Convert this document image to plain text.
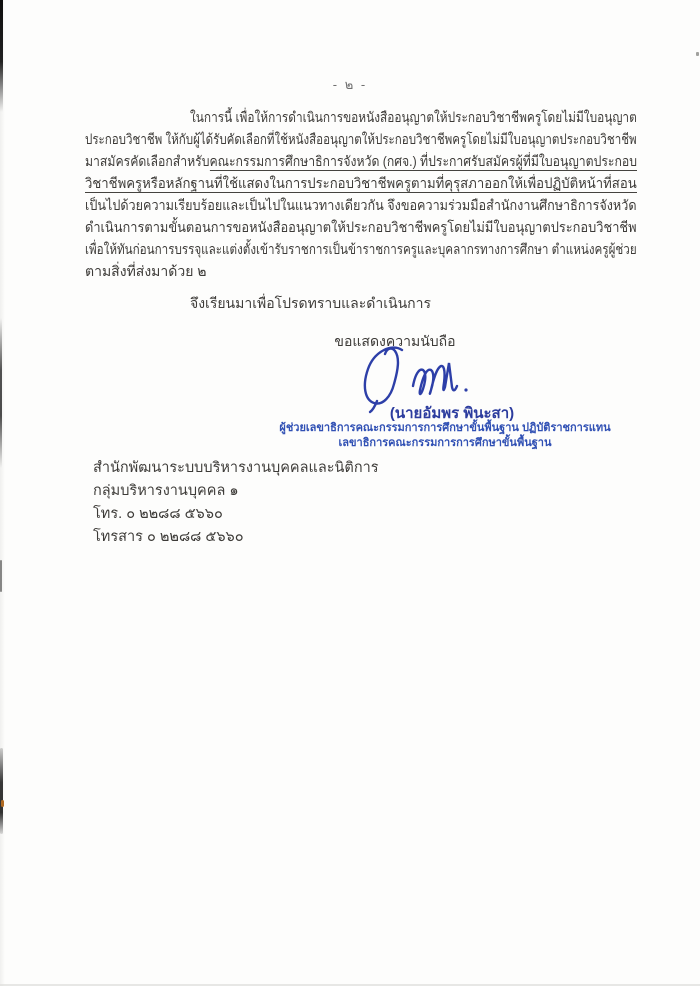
- ๒ -
ในการนี้ เพื่อให้การดำเนินการขอหนังสืออนุญาตให้ประกอบวิชาชีพครูโดยไม่มีใบอนุญาต
ประกอบวิชาชีพ ให้กับผู้ได้รับคัดเลือกที่ใช้หนังสืออนุญาตให้ประกอบวิชาชีพครูโดยไม่มีใบอนุญาตประกอบวิชาชีพ
มาสมัครคัดเลือกสำหรับคณะกรรมการศึกษาธิการจังหวัด (กศจ.) ที่ประกาศรับสมัครผู้ที่มีใบอนุญาตประกอบ
วิชาชีพครูหรือหลักฐานที่ใช้แสดงในการประกอบวิชาชีพครูตามที่คุรุสภาออกให้เพื่อปฏิบัติหน้าที่สอน
เป็นไปด้วยความเรียบร้อยและเป็นไปในแนวทางเดียวกัน จึงขอความร่วมมือสำนักงานศึกษาธิการจังหวัด
ดำเนินการตามขั้นตอนการขอหนังสืออนุญาตให้ประกอบวิชาชีพครูโดยไม่มีใบอนุญาตประกอบวิชาชีพ
เพื่อให้ทันก่อนการบรรจุและแต่งตั้งเข้ารับราชการเป็นข้าราชการครูและบุคลากรทางการศึกษา ตำแหน่งครูผู้ช่วย
ตามสิ่งที่ส่งมาด้วย ๒
จึงเรียนมาเพื่อโปรดทราบและดำเนินการ
ขอแสดงความนับถือ
(นายอัมพร พินะสา)
ผู้ช่วยเลขาธิการคณะกรรมการการศึกษาขั้นพื้นฐาน ปฏิบัติราชการแทน
เลขาธิการคณะกรรมการการศึกษาขั้นพื้นฐาน
สำนักพัฒนาระบบบริหารงานบุคคลและนิติการ
กลุ่มบริหารงานบุคคล ๑
โทร. ๐ ๒๒๘๘ ๕๖๖๐
โทรสาร ๐ ๒๒๘๘ ๕๖๖๐
